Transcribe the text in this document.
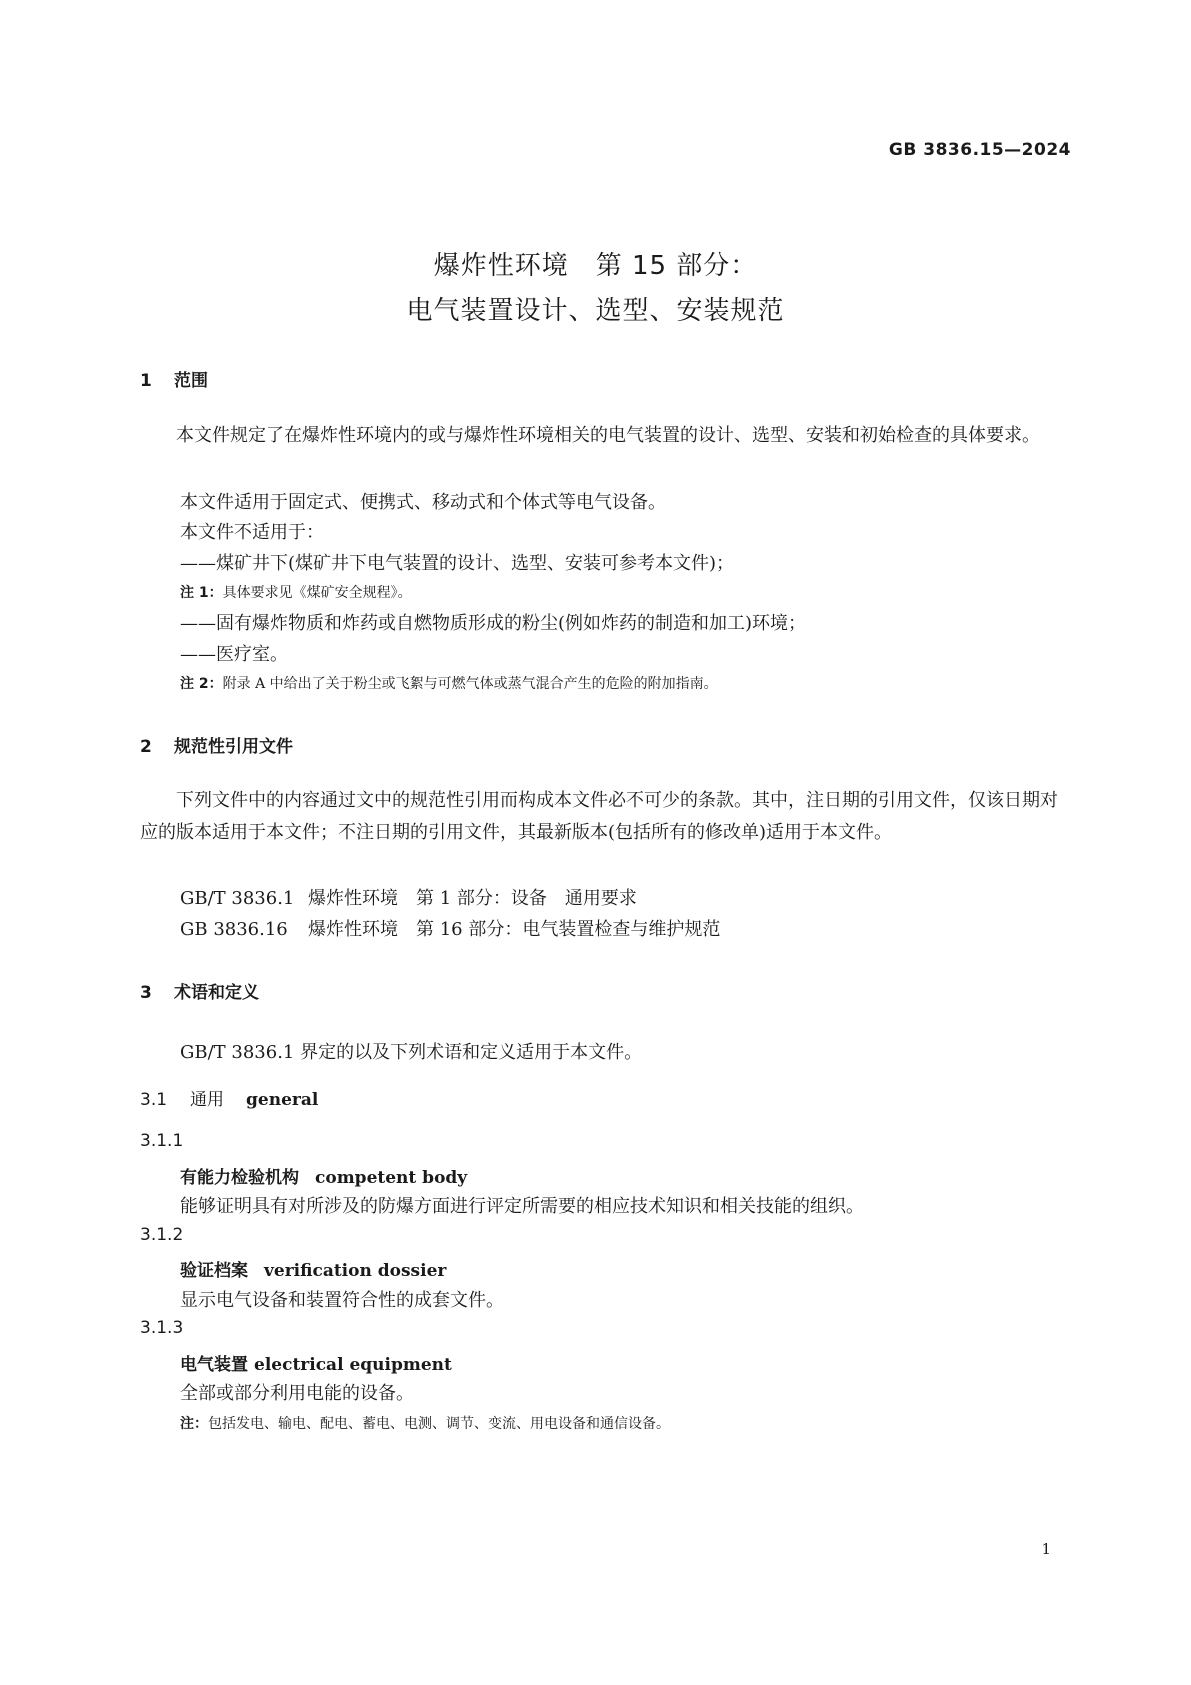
GB 3836.15—2024
爆炸性环境　第 15 部分：
电气装置设计、选型、安装规范
1 范围
本文件规定了在爆炸性环境内的或与爆炸性环境相关的电气装置的设计、选型、安装和初始检查的具体要求。
本文件适用于固定式、便携式、移动式和个体式等电气设备。
本文件不适用于：
——煤矿井下(煤矿井下电气装置的设计、选型、安装可参考本文件)；
注 1：具体要求见《煤矿安全规程》。
——固有爆炸物质和炸药或自燃物质形成的粉尘(例如炸药的制造和加工)环境；
——医疗室。
注 2：附录 A 中给出了关于粉尘或飞絮与可燃气体或蒸气混合产生的危险的附加指南。
2 规范性引用文件
下列文件中的内容通过文中的规范性引用而构成本文件必不可少的条款。其中，注日期的引用文件，仅该日期对应的版本适用于本文件；不注日期的引用文件，其最新版本(包括所有的修改单)适用于本文件。
GB/T 3836.1 爆炸性环境　第 1 部分：设备　通用要求
GB 3836.16 爆炸性环境　第 16 部分：电气装置检查与维护规范
3 术语和定义
GB/T 3836.1 界定的以及下列术语和定义适用于本文件。
3.1 通用 general
3.1.1
有能力检验机构 competent body
能够证明具有对所涉及的防爆方面进行评定所需要的相应技术知识和相关技能的组织。
3.1.2
验证档案 verification dossier
显示电气设备和装置符合性的成套文件。
3.1.3
电气装置 electrical equipment
全部或部分利用电能的设备。
注：包括发电、输电、配电、蓄电、电测、调节、变流、用电设备和通信设备。
1
